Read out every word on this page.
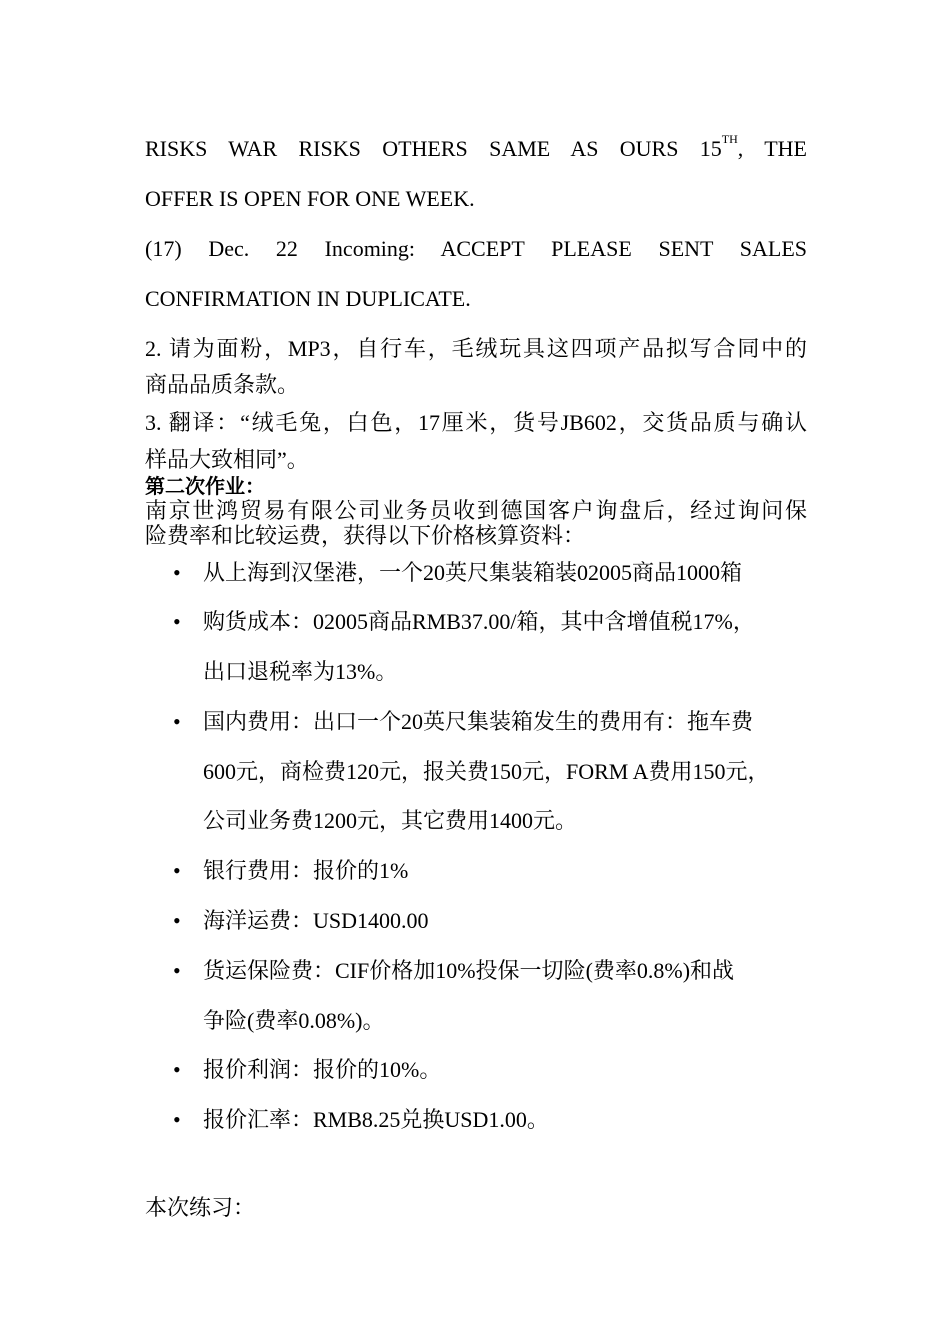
RISKS WAR RISKS OTHERS SAME AS OURS 15TH, THE
OFFER IS OPEN FOR ONE WEEK.
(17) Dec. 22 Incoming: ACCEPT PLEASE SENT SALES
CONFIRMATION IN DUPLICATE.
2. 请为面粉，MP3，自行车，毛绒玩具这四项产品拟写合同中的
商品品质条款。
3. 翻译：“绒毛兔，白色，17厘米，货号JB602，交货品质与确认
样品大致相同”。
第二次作业：
南京世鸿贸易有限公司业务员收到德国客户询盘后，经过询问保
险费率和比较运费，获得以下价格核算资料：
• 从上海到汉堡港，一个20英尺集装箱装02005商品1000箱
• 购货成本：02005商品RMB37.00/箱，其中含增值税17%，
出口退税率为13%。
• 国内费用：出口一个20英尺集装箱发生的费用有：拖车费
600元，商检费120元，报关费150元，FORM A费用150元，
公司业务费1200元，其它费用1400元。
• 银行费用：报价的1%
• 海洋运费：USD1400.00
• 货运保险费：CIF价格加10%投保一切险(费率0.8%)和战
争险(费率0.08%)。
• 报价利润：报价的10%。
• 报价汇率：RMB8.25兑换USD1.00。
本次练习：
